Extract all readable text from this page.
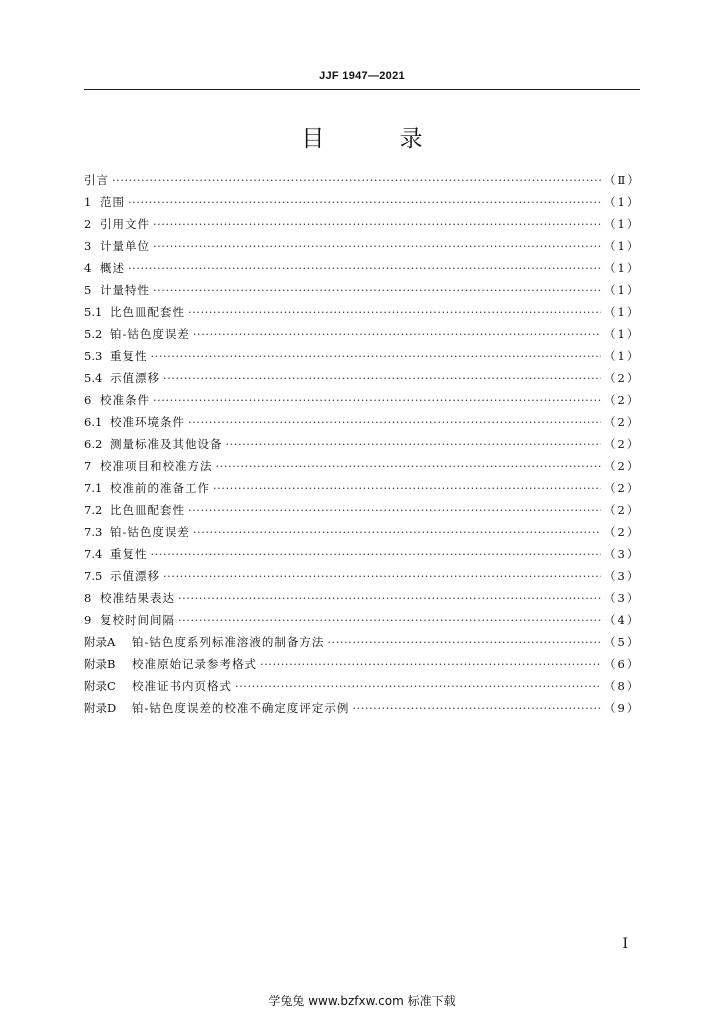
JJF 1947—2021
目 录
引言 ·····	（Ⅱ）
1 范围 ·····	（1）
2 引用文件 ·····	（1）
3 计量单位 ·····	（1）
4 概述 ·····	（1）
5 计量特性 ·····	（1）
5.1 比色皿配套性 ·····	（1）
5.2 铂-钴色度误差 ·····	（1）
5.3 重复性 ·····	（1）
5.4 示值漂移 ·····	（2）
6 校准条件 ·····	（2）
6.1 校准环境条件 ·····	（2）
6.2 测量标准及其他设备 ·····	（2）
7 校准项目和校准方法 ·····	（2）
7.1 校准前的准备工作 ·····	（2）
7.2 比色皿配套性 ·····	（2）
7.3 铂-钴色度误差 ·····	（2）
7.4 重复性 ·····	（3）
7.5 示值漂移 ·····	（3）
8 校准结果表达 ·····	（3）
9 复校时间间隔 ·····	（4）
附录A	铂-钴色度系列标准溶液的制备方法 ·····	（5）
附录B	校准原始记录参考格式 ·····	（6）
附录C	校准证书内页格式 ·····	（8）
附录D	铂-钴色度误差的校准不确定度评定示例 ·····	（9）
I
学兔兔 www.bzfxw.com 标准下载
